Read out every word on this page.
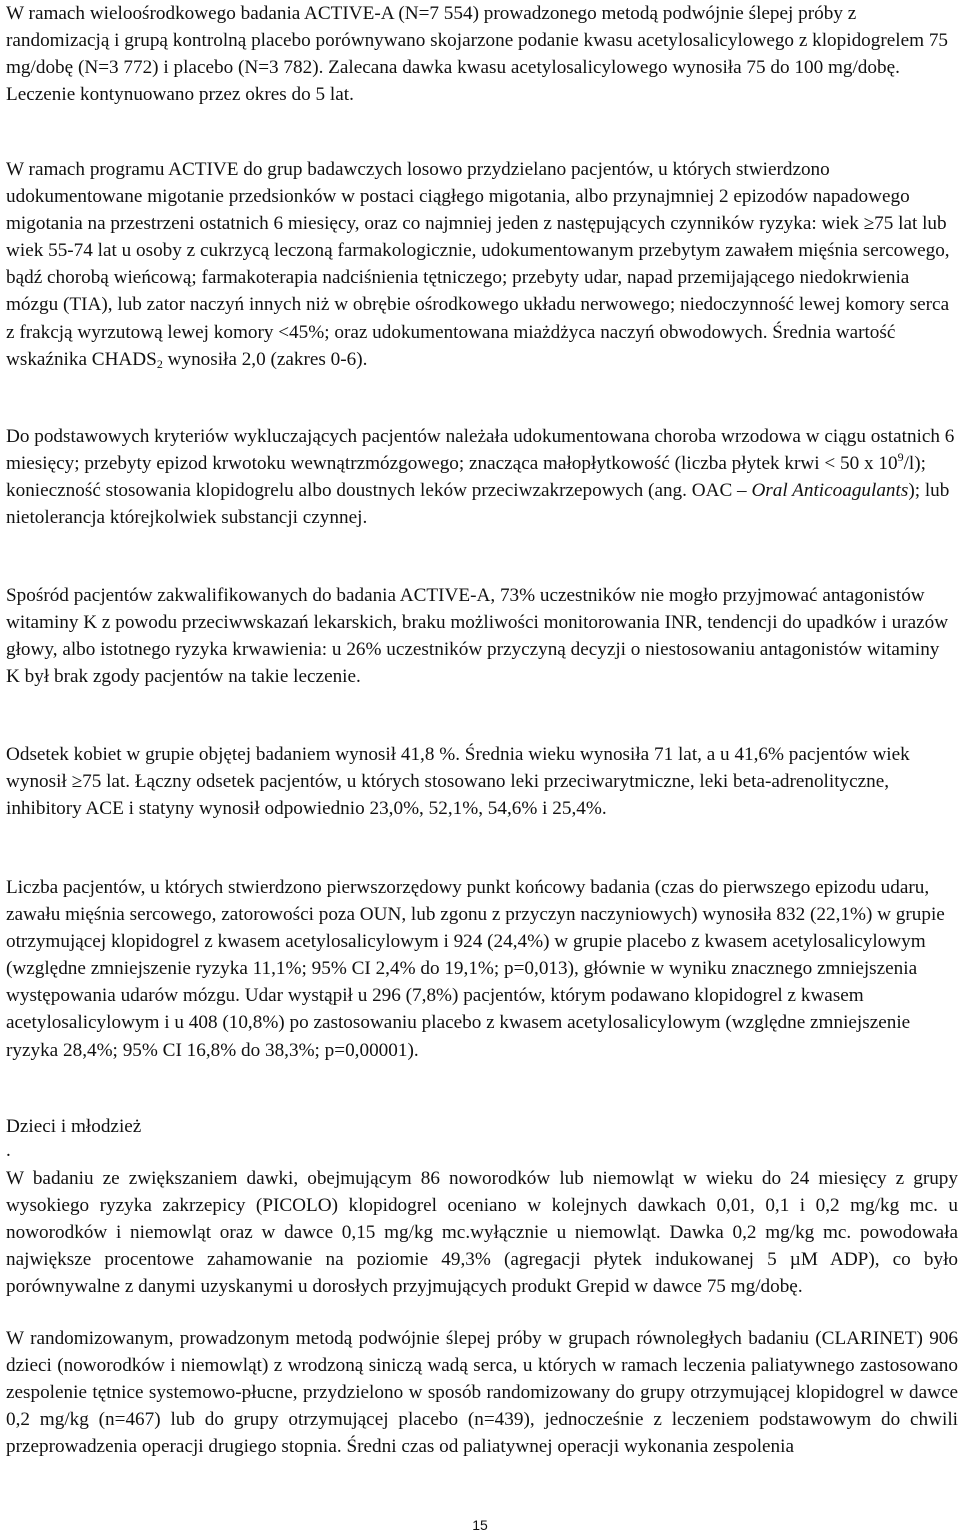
W ramach wieloośrodkowego badania ACTIVE-A (N=7 554) prowadzonego metodą podwójnie ślepej próby z randomizacją i grupą kontrolną placebo porównywano skojarzone podanie kwasu acetylosalicylowego z klopidogrelem 75 mg/dobę (N=3 772) i placebo (N=3 782). Zalecana dawka kwasu acetylosalicylowego wynosiła 75 do 100 mg/dobę. Leczenie kontynuowano przez okres do 5 lat.

W ramach programu ACTIVE do grup badawczych losowo przydzielano pacjentów, u których stwierdzono udokumentowane migotanie przedsionków w postaci ciągłego migotania, albo przynajmniej 2 epizodów napadowego migotania na przestrzeni ostatnich 6 miesięcy, oraz co najmniej jeden z następujących czynników ryzyka: wiek ≥75 lat lub wiek 55-74 lat u osoby z cukrzycą leczoną farmakologicznie, udokumentowanym przebytym zawałem mięśnia sercowego, bądź chorobą wieńcową; farmakoterapia nadciśnienia tętniczego; przebyty udar, napad przemijającego niedokrwienia mózgu (TIA), lub zator naczyń innych niż w obrębie ośrodkowego układu nerwowego; niedoczynność lewej komory serca z frakcją wyrzutową lewej komory <45%; oraz udokumentowana miażdżyca naczyń obwodowych. Średnia wartość wskaźnika $CHADS_2$ wynosiła 2,0 (zakres 0-6).

Do podstawowych kryteriów wykluczających pacjentów należała udokumentowana choroba wrzodowa w ciągu ostatnich 6 miesięcy; przebyty epizod krwotoku wewnątrzmózgowego; znacząca małopłytkowość (liczba płytek krwi < 50 x $10^9/l$); konieczność stosowania klopidogrelu albo doustnych leków przeciwzakrzepowych (ang. OAC – Oral Anticoagulants); lub nietolerancja którejkolwiek substancji czynnej.

Spośród pacjentów zakwalifikowanych do badania ACTIVE-A, 73% uczestników nie mogło przyjmować antagonistów witaminy K z powodu przeciwwskazań lekarskich, braku możliwości monitorowania INR, tendencji do upadków i urazów głowy, albo istotnego ryzyka krwawienia: u 26% uczestników przyczyną decyzji o niestosowaniu antagonistów witaminy K był brak zgody pacjentów na takie leczenie.

Odsetek kobiet w grupie objętej badaniem wynosił 41,8 %. Średnia wieku wynosiła 71 lat, a u 41,6% pacjentów wiek wynosił ≥75 lat. Łączny odsetek pacjentów, u których stosowano leki przeciwarytmiczne, leki beta-adrenolityczne, inhibitory ACE i statyny wynosił odpowiednio 23,0%, 52,1%, 54,6% i 25,4%.

Liczba pacjentów, u których stwierdzono pierwszorzędowy punkt końcowy badania (czas do pierwszego epizodu udaru, zawału mięśnia sercowego, zatorowości poza OUN, lub zgonu z przyczyn naczyniowych) wynosiła 832 (22,1%) w grupie otrzymującej klopidogrel z kwasem acetylosalicylowym i 924 (24,4%) w grupie placebo z kwasem acetylosalicylowym (względne zmniejszenie ryzyka 11,1%; 95% CI 2,4% do 19,1%; p=0,013), głównie w wyniku znacznego zmniejszenia występowania udarów mózgu. Udar wystąpił u 296 (7,8%) pacjentów, którym podawano klopidogrel z kwasem acetylosalicylowym i u 408 (10,8%) po zastosowaniu placebo z kwasem acetylosalicylowym (względne zmniejszenie ryzyka 28,4%; 95% CI 16,8% do 38,3%; p=0,00001).

Dzieci i młodzież

.

W badaniu ze zwiększaniem dawki, obejmującym 86 noworodków lub niemowląt w wieku do 24 miesięcy z grupy wysokiego ryzyka zakrzepicy (PICOLO) klopidogrel oceniano w kolejnych dawkach 0,01, 0,1 i 0,2 mg/kg mc. u noworodków i niemowląt oraz w dawce 0,15 mg/kg mc.wyłącznie u niemowląt. Dawka 0,2 mg/kg mc. powodowała największe procentowe zahamowanie na poziomie 49,3% (agregacji płytek indukowanej 5 µM ADP), co było porównywalne z danymi uzyskanymi u dorosłych przyjmujących produkt Grepid w dawce 75 mg/dobę.

W randomizowanym, prowadzonym metodą podwójnie ślepej próby w grupach równoległych badaniu (CLARINET) 906 dzieci (noworodków i niemowląt) z wrodzoną siniczą wadą serca, u których w ramach leczenia paliatywnego zastosowano zespolenie tętnice systemowo-płucne, przydzielono w sposób randomizowany do grupy otrzymującej klopidogrel w dawce 0,2 mg/kg (n=467) lub do grupy otrzymującej placebo (n=439), jednocześnie z leczeniem podstawowym do chwili przeprowadzenia operacji drugiego stopnia. Średni czas od paliatywnej operacji wykonania zespolenia

15
